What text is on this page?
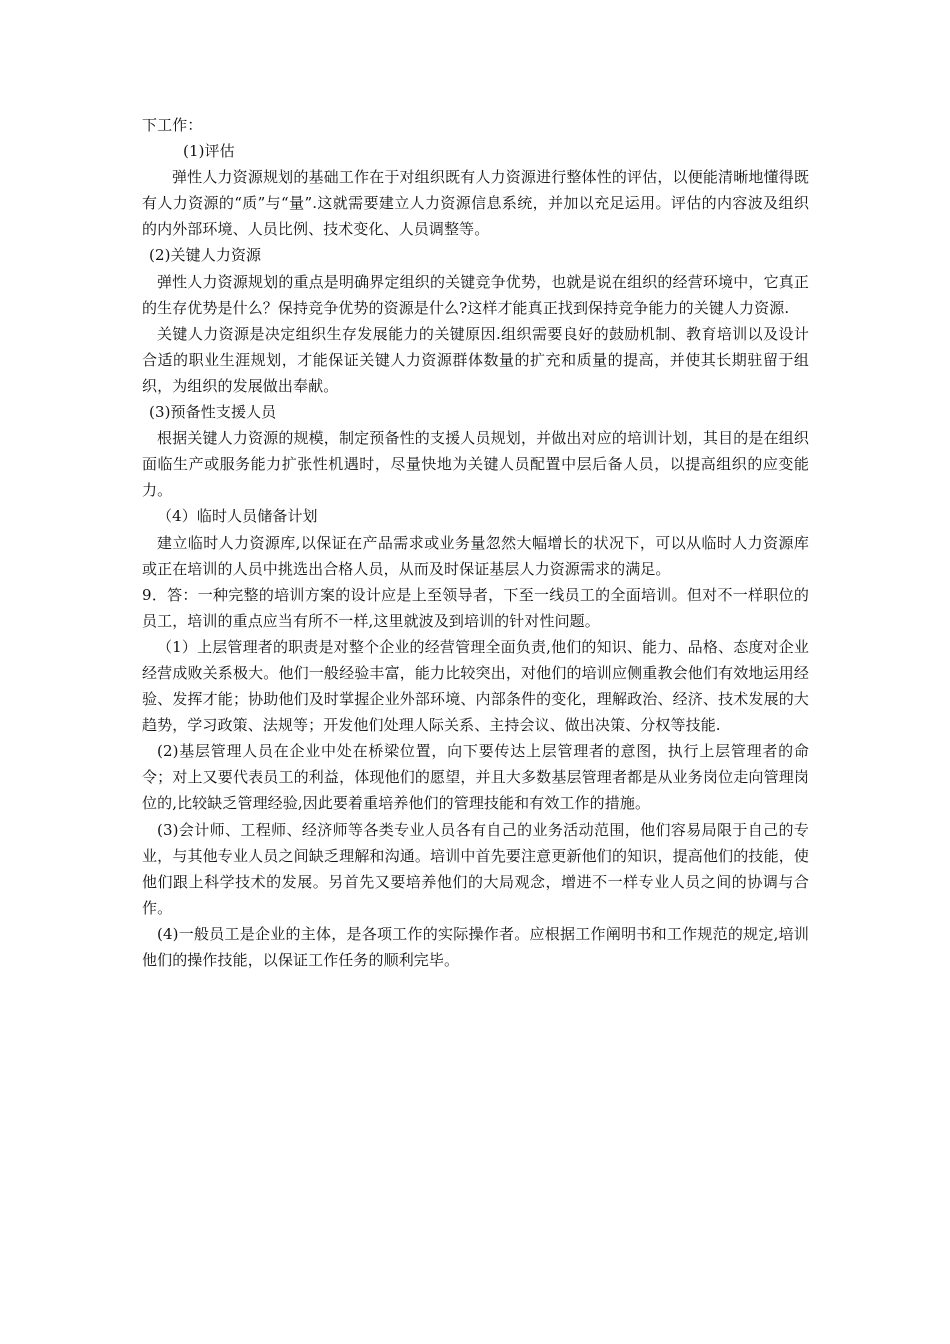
下工作：

(1)评估

弹性人力资源规划的基础工作在于对组织既有人力资源进行整体性的评估，以便能清晰地懂得既有人力资源的“质”与“量”.这就需要建立人力资源信息系统，并加以充足运用。评估的内容波及组织的内外部环境、人员比例、技术变化、人员调整等。

(2)关键人力资源

弹性人力资源规划的重点是明确界定组织的关键竞争优势，也就是说在组织的经营环境中，它真正的生存优势是什么？保持竞争优势的资源是什么?这样才能真正找到保持竞争能力的关键人力资源.

关键人力资源是决定组织生存发展能力的关键原因.组织需要良好的鼓励机制、教育培训以及设计合适的职业生涯规划，才能保证关键人力资源群体数量的扩充和质量的提高，并使其长期驻留于组织，为组织的发展做出奉献。

(3)预备性支援人员

根据关键人力资源的规模，制定预备性的支援人员规划，并做出对应的培训计划，其目的是在组织面临生产或服务能力扩张性机遇时，尽量快地为关键人员配置中层后备人员，以提高组织的应变能力。

（4）临时人员储备计划

建立临时人力资源库,以保证在产品需求或业务量忽然大幅增长的状况下，可以从临时人力资源库或正在培训的人员中挑选出合格人员，从而及时保证基层人力资源需求的满足。

9．答：一种完整的培训方案的设计应是上至领导者，下至一线员工的全面培训。但对不一样职位的员工，培训的重点应当有所不一样,这里就波及到培训的针对性问题。

（1）上层管理者的职责是对整个企业的经营管理全面负责,他们的知识、能力、品格、态度对企业经营成败关系极大。他们一般经验丰富，能力比较突出，对他们的培训应侧重教会他们有效地运用经验、发挥才能；协助他们及时掌握企业外部环境、内部条件的变化，理解政治、经济、技术发展的大趋势，学习政策、法规等；开发他们处理人际关系、主持会议、做出决策、分权等技能.

(2)基层管理人员在企业中处在桥梁位置，向下要传达上层管理者的意图，执行上层管理者的命令；对上又要代表员工的利益，体现他们的愿望，并且大多数基层管理者都是从业务岗位走向管理岗位的,比较缺乏管理经验,因此要着重培养他们的管理技能和有效工作的措施。

(3)会计师、工程师、经济师等各类专业人员各有自己的业务活动范围，他们容易局限于自己的专业，与其他专业人员之间缺乏理解和沟通。培训中首先要注意更新他们的知识，提高他们的技能，使他们跟上科学技术的发展。另首先又要培养他们的大局观念，增进不一样专业人员之间的协调与合作。

(4)一般员工是企业的主体，是各项工作的实际操作者。应根据工作阐明书和工作规范的规定,培训他们的操作技能，以保证工作任务的顺利完毕。
